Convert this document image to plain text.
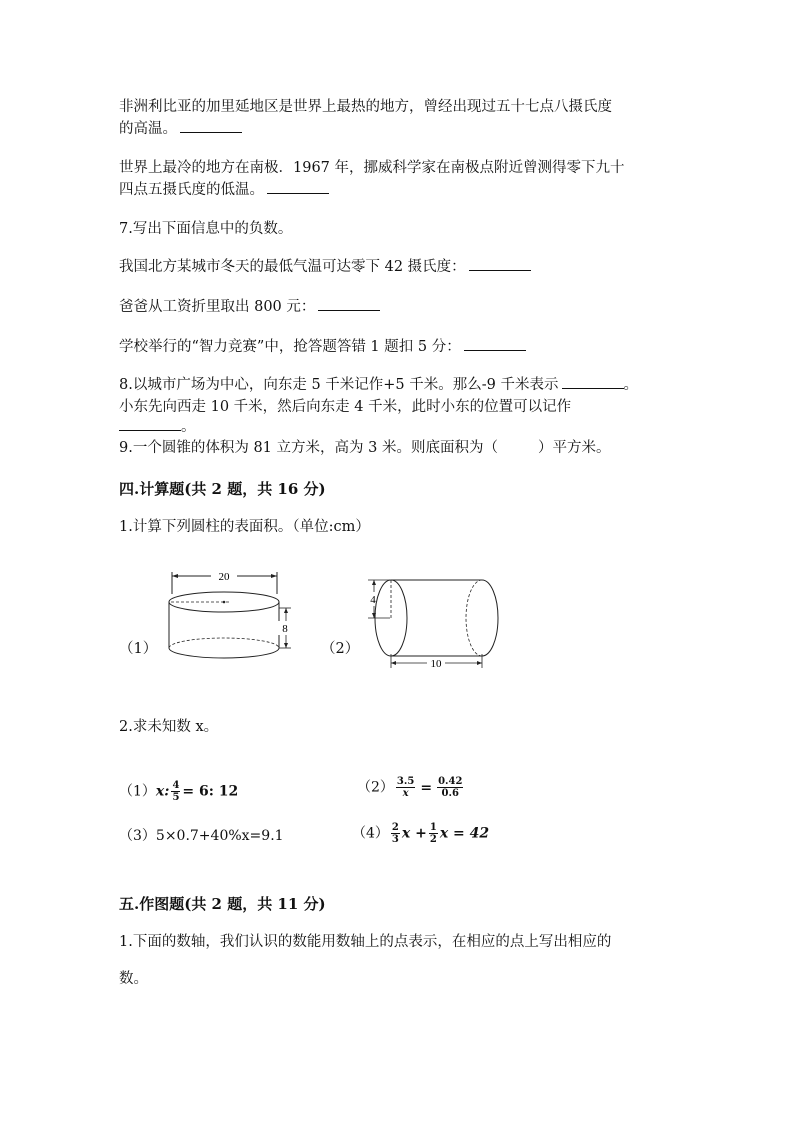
非洲利比亚的加里延地区是世界上最热的地方，曾经出现过五十七点八摄氏度
的高温。
世界上最冷的地方在南极．1967 年，挪威科学家在南极点附近曾测得零下九十
四点五摄氏度的低温。
7.写出下面信息中的负数。
我国北方某城市冬天的最低气温可达零下 42 摄氏度：
爸爸从工资折里取出 800 元：
学校举行的“智力竞赛”中，抢答题答错 1 题扣 5 分：
8.以城市广场为中心，向东走 5 千米记作+5 千米。那么-9 千米表示	。
小东先向西走 10 千米，然后向东走 4 千米，此时小东的位置可以记作
。
9.一个圆锥的体积为 81 立方米，高为 3 米。则底面积为（	）平方米。
四.计算题(共 2 题，共 16 分)
1.计算下列圆柱的表面积。（单位:cm）
（1）
20
8
（2）
4
10
2.求未知数 x。
（1）x: $\frac{4}{5} = 6$: 12	$(2) \frac{3.5}{x} = \frac{0.42}{0.6}$
（3）5×0.7+40%x=9.1	$(4) \frac{2}{3}$ $x + \frac{1}{2}$ x = 42
五.作图题(共 2 题，共 11 分)
1.下面的数轴，我们认识的数能用数轴上的点表示，在相应的点上写出相应的
数。
